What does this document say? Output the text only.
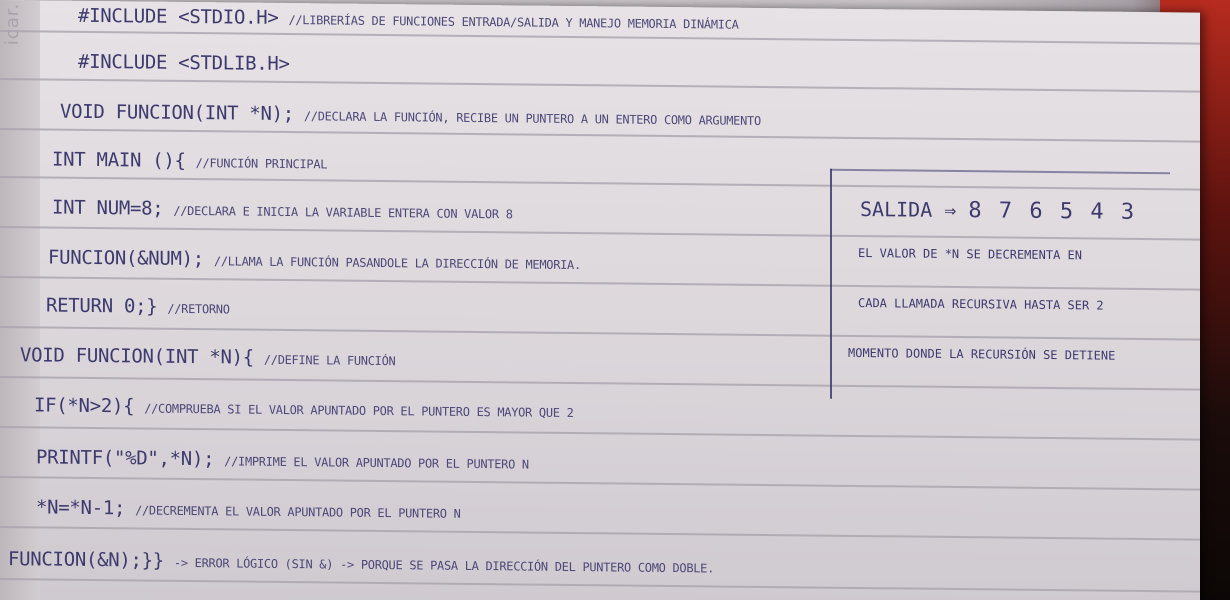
icar.	#INCLUDE <STDIO.H> //LIBRERÍAS DE FUNCIONES ENTRADA/SALIDA Y MANEJO MEMORIA DINÁMICA
#INCLUDE <STDLIB.H>
VOID FUNCION(INT *N); //DECLARA LA FUNCIÓN, RECIBE UN PUNTERO A UN ENTERO COMO ARGUMENTO
INT MAIN (){ //FUNCIÓN PRINCIPAL
INT NUM=8; //DECLARA E INICIA LA VARIABLE ENTERA CON VALOR 8
FUNCION(&NUM); //LLAMA LA FUNCIÓN PASANDOLE LA DIRECCIÓN DE MEMORIA.
RETURN 0;} //RETORNO
VOID FUNCION(INT *N){ //DEFINE LA FUNCIÓN
IF(*N>2){ //COMPRUEBA SI EL VALOR APUNTADO POR EL PUNTERO ES MAYOR QUE 2
PRINTF("%D",*N); //IMPRIME EL VALOR APUNTADO POR EL PUNTERO N
*N=*N-1; //DECREMENTA EL VALOR APUNTADO POR EL PUNTERO N
FUNCION(&N);}} -> ERROR LÓGICO (SIN &) -> PORQUE SE PASA LA DIRECCIÓN DEL PUNTERO COMO DOBLE.
SALIDA ⇒ 8 7 6 5 4 3
EL VALOR DE *N SE DECREMENTA EN
CADA LLAMADA RECURSIVA HASTA SER 2
MOMENTO DONDE LA RECURSIÓN SE DETIENE
